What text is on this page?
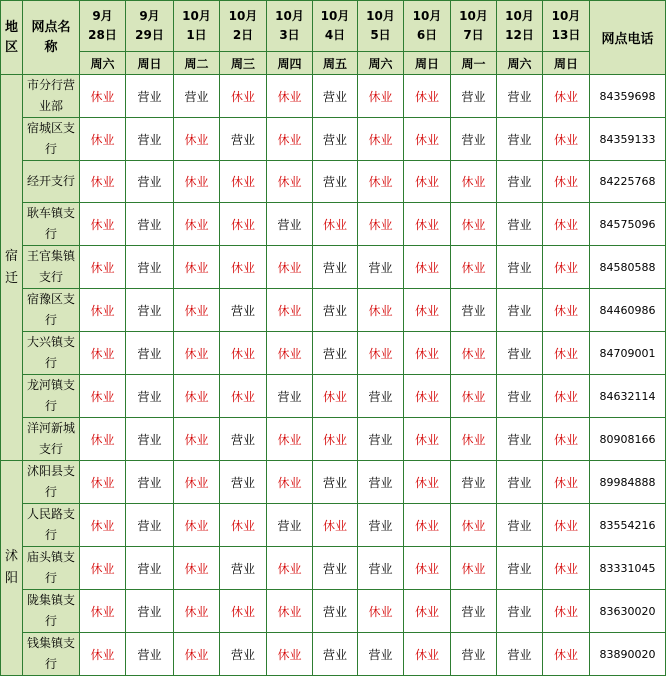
地区	网点名称	9月28日	9月29日	10月1日	10月2日	10月3日	10月4日	10月5日	10月6日	10月7日	10月12日	10月13日	网点电话
		周六	周日	周二	周三	周四	周五	周六	周日	周一	周六	周日	
宿迁	市分行营业部	休业	营业	营业	休业	休业	营业	休业	休业	营业	营业	休业	84359698
	宿城区支行	休业	营业	休业	营业	休业	营业	休业	休业	营业	营业	休业	84359133
	经开支行	休业	营业	休业	休业	休业	营业	休业	休业	休业	营业	休业	84225768
	耿车镇支行	休业	营业	休业	休业	营业	休业	休业	休业	休业	营业	休业	84575096
	王官集镇支行	休业	营业	休业	休业	休业	营业	营业	休业	休业	营业	休业	84580588
	宿豫区支行	休业	营业	休业	营业	休业	营业	休业	休业	营业	营业	休业	84460986
	大兴镇支行	休业	营业	休业	休业	休业	营业	休业	休业	休业	营业	休业	84709001
	龙河镇支行	休业	营业	休业	休业	营业	休业	营业	休业	休业	营业	休业	84632114
	洋河新城支行	休业	营业	休业	营业	休业	休业	营业	休业	休业	营业	休业	80908166
沭阳	沭阳县支行	休业	营业	休业	营业	休业	营业	营业	休业	营业	营业	休业	89984888
	人民路支行	休业	营业	休业	休业	营业	休业	营业	休业	休业	营业	休业	83554216
	庙头镇支行	休业	营业	休业	营业	休业	营业	营业	休业	休业	营业	休业	83331045
	陇集镇支行	休业	营业	休业	休业	休业	营业	休业	休业	营业	营业	休业	83630020
	钱集镇支行	休业	营业	休业	营业	休业	营业	营业	休业	营业	营业	休业	83890020
